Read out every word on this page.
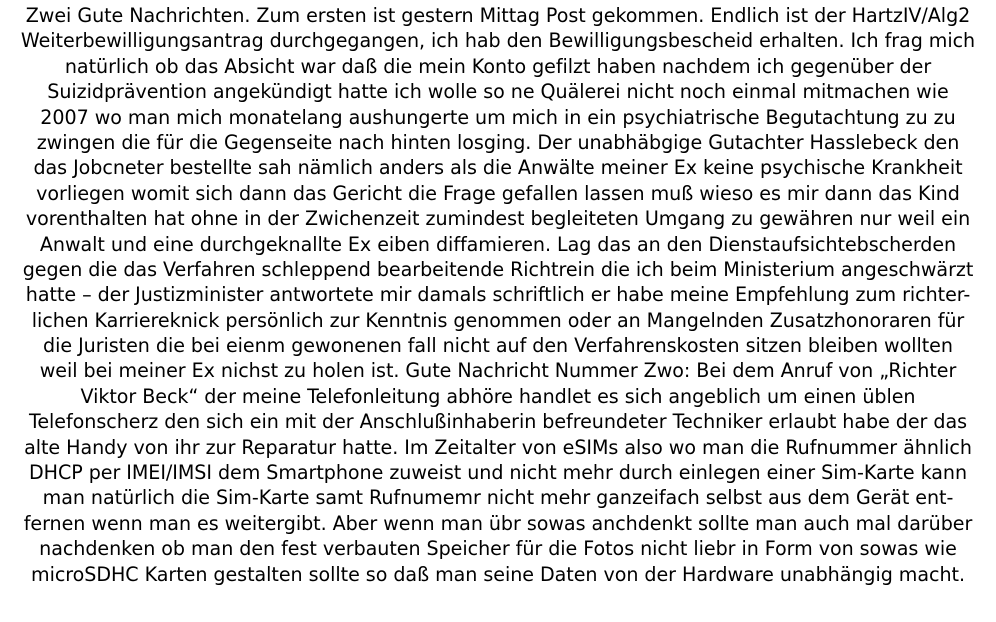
Zwei Gute Nachrichten. Zum ersten ist gestern Mittag Post gekommen. Endlich ist der HartzIV/Alg2
Weiterbewilligungsantrag durchgegangen, ich hab den Bewilligungsbescheid erhalten. Ich frag mich
natürlich ob das Absicht war daß die mein Konto gefilzt haben nachdem ich gegenüber der
Suizidprävention angekündigt hatte ich wolle so ne Quälerei nicht noch einmal mitmachen wie
2007 wo man mich monatelang aushungerte um mich in ein psychiatrische Begutachtung zu zu
zwingen die für die Gegenseite nach hinten losging. Der unabhäbgige Gutachter Hasslebeck den
das Jobcneter bestellte sah nämlich anders als die Anwälte meiner Ex keine psychische Krankheit
vorliegen womit sich dann das Gericht die Frage gefallen lassen muß wieso es mir dann das Kind
vorenthalten hat ohne in der Zwichenzeit zumindest begleiteten Umgang zu gewähren nur weil ein
Anwalt und eine durchgeknallte Ex eiben diffamieren. Lag das an den Dienstaufsichtebscherden
gegen die das Verfahren schleppend bearbeitende Richtrein die ich beim Ministerium angeschwärzt
hatte – der Justizminister antwortete mir damals schriftlich er habe meine Empfehlung zum richter-
lichen Karriereknick persönlich zur Kenntnis genommen oder an Mangelnden Zusatzhonoraren für
die Juristen die bei eienm gewonenen fall nicht auf den Verfahrenskosten sitzen bleiben wollten
weil bei meiner Ex nichst zu holen ist. Gute Nachricht Nummer Zwo: Bei dem Anruf von „Richter
Viktor Beck“ der meine Telefonleitung abhöre handlet es sich angeblich um einen üblen
Telefonscherz den sich ein mit der Anschlußinhaberin befreundeter Techniker erlaubt habe der das
alte Handy von ihr zur Reparatur hatte. Im Zeitalter von eSIMs also wo man die Rufnummer ähnlich
DHCP per IMEI/IMSI dem Smartphone zuweist und nicht mehr durch einlegen einer Sim-Karte kann
man natürlich die Sim-Karte samt Rufnumemr nicht mehr ganzeifach selbst aus dem Gerät ent-
fernen wenn man es weitergibt. Aber wenn man übr sowas anchdenkt sollte man auch mal darüber
nachdenken ob man den fest verbauten Speicher für die Fotos nicht liebr in Form von sowas wie
microSDHC Karten gestalten sollte so daß man seine Daten von der Hardware unabhängig macht.
